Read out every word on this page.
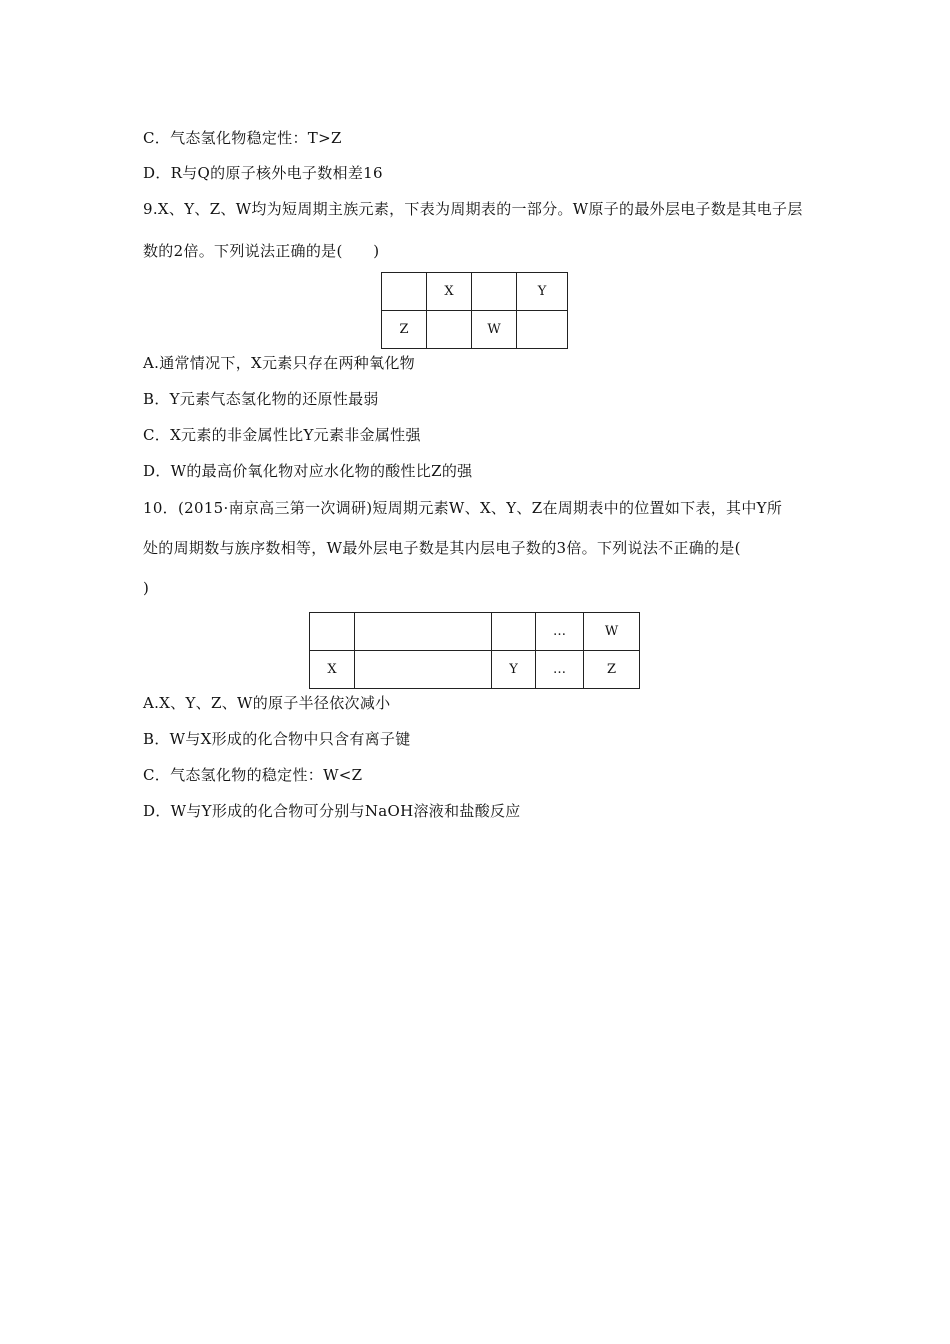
C．气态氢化物稳定性：T>Z
D．R与Q的原子核外电子数相差16
9.X、Y、Z、W均为短周期主族元素，下表为周期表的一部分。W原子的最外层电子数是其电子层
数的2倍。下列说法正确的是(　　)
	X		Y
Z		W	
A.通常情况下，X元素只存在两种氧化物
B．Y元素气态氢化物的还原性最弱
C．X元素的非金属性比Y元素非金属性强
D．W的最高价氧化物对应水化物的酸性比Z的强
10．(2015·南京高三第一次调研)短周期元素W、X、Y、Z在周期表中的位置如下表，其中Y所
处的周期数与族序数相等，W最外层电子数是其内层电子数的3倍。下列说法不正确的是(
)
			…	W
X		Y	…	Z
A.X、Y、Z、W的原子半径依次减小
B．W与X形成的化合物中只含有离子键
C．气态氢化物的稳定性：W<Z
D．W与Y形成的化合物可分别与NaOH溶液和盐酸反应
